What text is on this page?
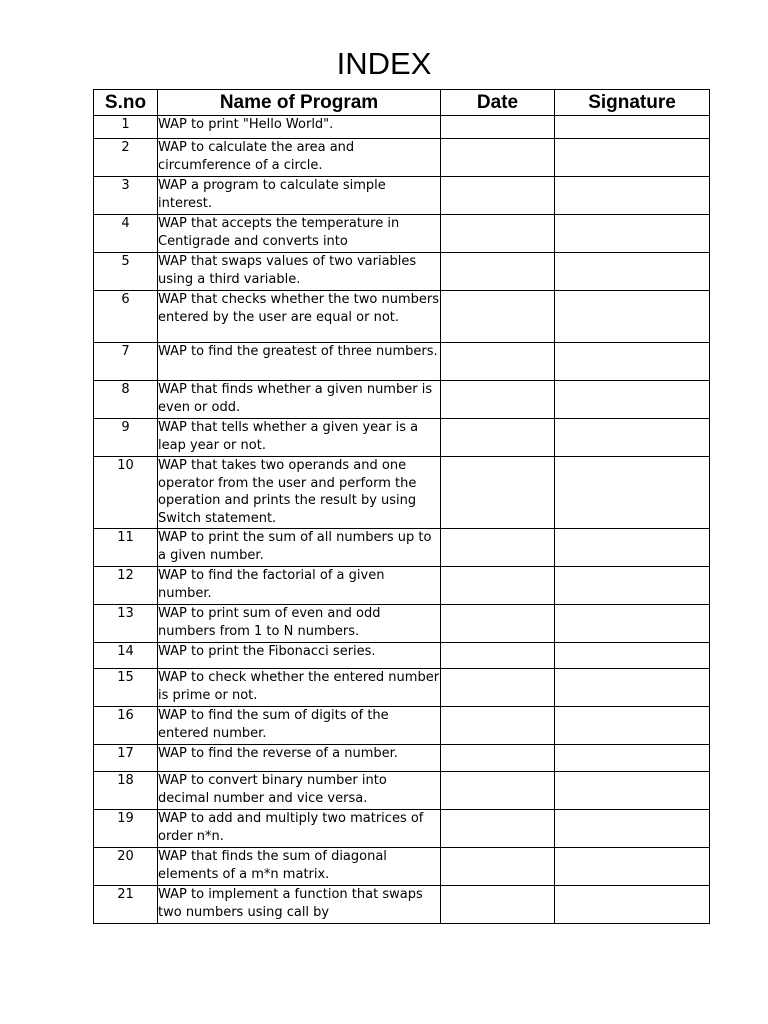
INDEX
S.no	Name of Program	Date	Signature
1	WAP to print "Hello World".		
2	WAP to calculate the area and circumference of a circle.		
3	WAP a program to calculate simple interest.		
4	WAP that accepts the temperature in Centigrade and converts into		
5	WAP that swaps values of two variables using a third variable.		
6	WAP that checks whether the two numbers entered by the user are equal or not.		
7	WAP to find the greatest of three numbers.		
8	WAP that finds whether a given number is even or odd.		
9	WAP that tells whether a given year is a leap year or not.		
10	WAP that takes two operands and one operator from the user and perform the operation and prints the result by using Switch statement.		
11	WAP to print the sum of all numbers up to a given number.		
12	WAP to find the factorial of a given number.		
13	WAP to print sum of even and odd numbers from 1 to N numbers.		
14	WAP to print the Fibonacci series.		
15	WAP to check whether the entered number is prime or not.		
16	WAP to find the sum of digits of the entered number.		
17	WAP to find the reverse of a number.		
18	WAP to convert binary number into decimal number and vice versa.		
19	WAP to add and multiply two matrices of order n*n.		
20	WAP that finds the sum of diagonal elements of a m*n matrix.		
21	WAP to implement a function that swaps two numbers using call by		
